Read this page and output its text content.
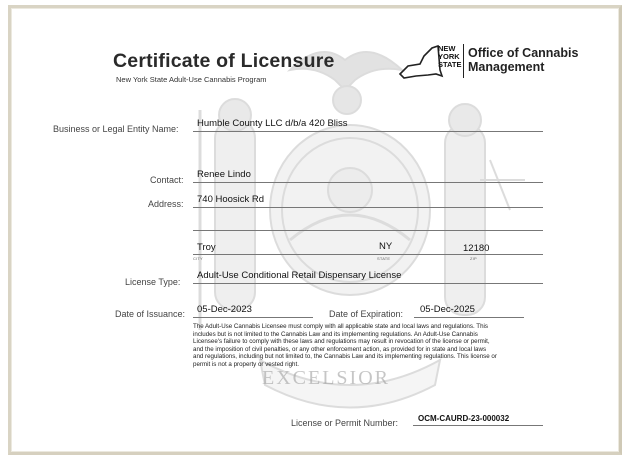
EXCELSIOR
Certificate of Licensure
New York State Adult-Use Cannabis Program
NEW
YORK
STATE
Office of Cannabis
Management
Business or Legal Entity Name: Humble County LLC d/b/a 420 Bliss
Contact: Renee Lindo
Address: 740 Hoosick Rd
Troy	NY	12180
CITY	STATE	ZIP
License Type:
Adult-Use Conditional Retail Dispensary License
Date of Issuance: 05-Dec-2023	Date of Expiration: 05-Dec-2025
The Adult-Use Cannabis Licensee must comply with all applicable state and local laws and regulations. This includes but is not limited to the Cannabis Law and its implementing regulations. An Adult-Use Cannabis Licensee's failure to comply with these laws and regulations may result in revocation of the license or permit, and the imposition of civil penalties, or any other enforcement action, as provided for in state and local laws and regulations, including but not limited to, the Cannabis Law and its implementing regulations. This license or permit is not a property or vested right.
License or Permit Number: OCM-CAURD-23-000032
